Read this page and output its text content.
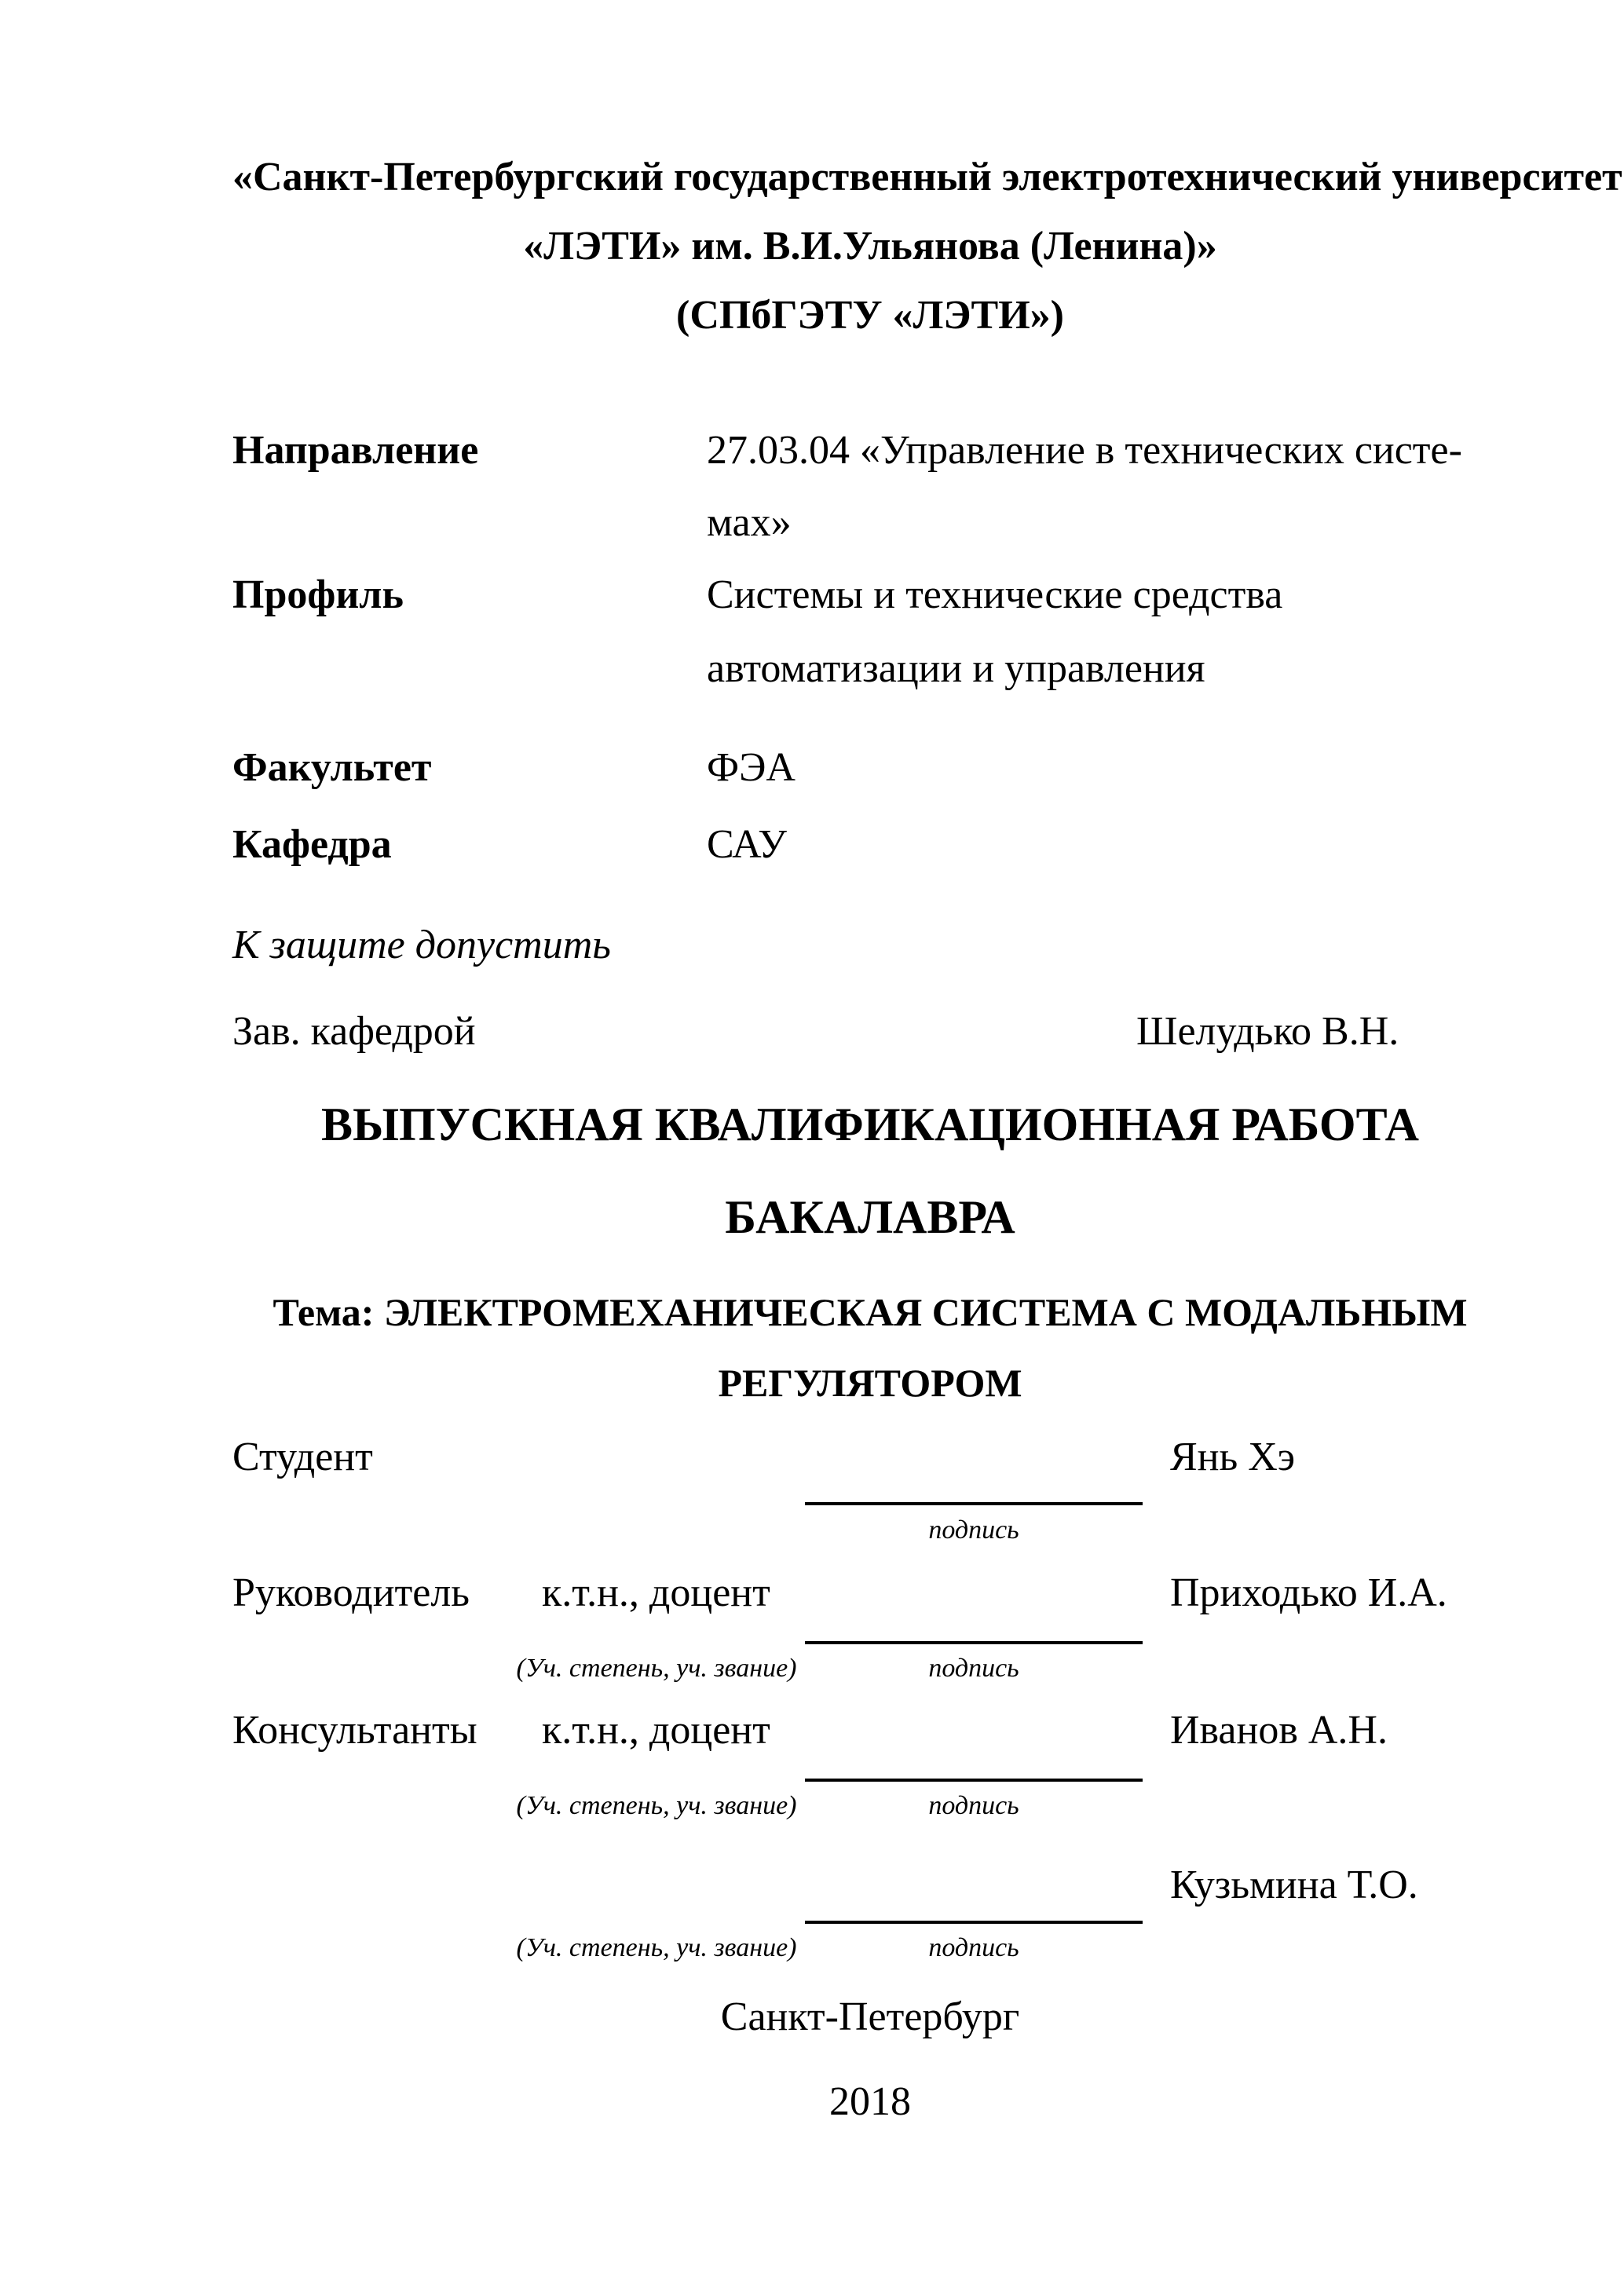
«Санкт-Петербургский государственный электротехнический университет
«ЛЭТИ» им. В.И.Ульянова (Ленина)»
(СПбГЭТУ «ЛЭТИ»)
Направление	27.03.04 «Управление в технических систе-
мах»
Профиль	Системы и технические средства
автоматизации и управления
Факультет	ФЭА
Кафедра	САУ
К защите допустить
Зав. кафедрой	Шелудько В.Н.
ВЫПУСКНАЯ КВАЛИФИКАЦИОННАЯ РАБОТА
БАКАЛАВРА
Тема: ЭЛЕКТРОМЕХАНИЧЕСКАЯ СИСТЕМА С МОДАЛЬНЫМ
РЕГУЛЯТОРОМ
Студент	Янь Хэ
подпись
Руководитель к.т.н., доцент	Приходько И.А.
(Уч. степень, уч. звание)	подпись
Консультанты к.т.н., доцент	Иванов А.Н.
(Уч. степень, уч. звание)	подпись
Кузьмина Т.О.
(Уч. степень, уч. звание)	подпись
Санкт-Петербург
2018
